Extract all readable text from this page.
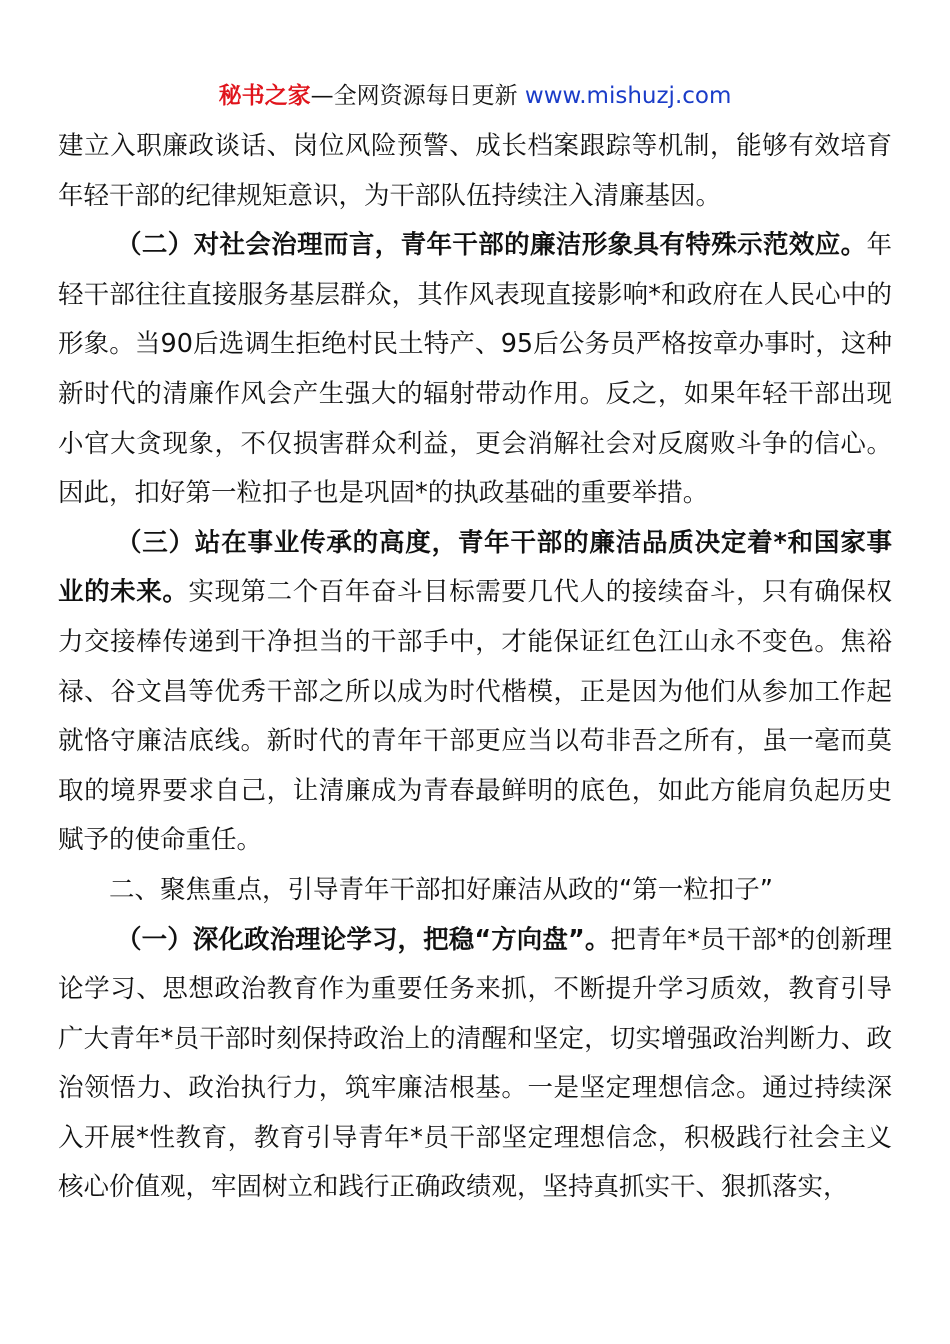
秘书之家—全网资源每日更新 www.mishuzj.com

建立入职廉政谈话、岗位风险预警、成长档案跟踪等机制，能够有效培育年轻干部的纪律规矩意识，为干部队伍持续注入清廉基因。

（二）对社会治理而言，青年干部的廉洁形象具有特殊示范效应。年轻干部往往直接服务基层群众，其作风表现直接影响*和政府在人民心中的形象。当90后选调生拒绝村民土特产、95后公务员严格按章办事时，这种新时代的清廉作风会产生强大的辐射带动作用。反之，如果年轻干部出现小官大贪现象，不仅损害群众利益，更会消解社会对反腐败斗争的信心。因此，扣好第一粒扣子也是巩固*的执政基础的重要举措。

（三）站在事业传承的高度，青年干部的廉洁品质决定着*和国家事业的未来。实现第二个百年奋斗目标需要几代人的接续奋斗，只有确保权力交接棒传递到干净担当的干部手中，才能保证红色江山永不变色。焦裕禄、谷文昌等优秀干部之所以成为时代楷模，正是因为他们从参加工作起就恪守廉洁底线。新时代的青年干部更应当以苟非吾之所有，虽一毫而莫取的境界要求自己，让清廉成为青春最鲜明的底色，如此方能肩负起历史赋予的使命重任。

二、聚焦重点，引导青年干部扣好廉洁从政的“第一粒扣子”

（一）深化政治理论学习，把稳“方向盘”。把青年*员干部*的创新理论学习、思想政治教育作为重要任务来抓，不断提升学习质效，教育引导广大青年*员干部时刻保持政治上的清醒和坚定，切实增强政治判断力、政治领悟力、政治执行力，筑牢廉洁根基。一是坚定理想信念。通过持续深入开展*性教育，教育引导青年*员干部坚定理想信念，积极践行社会主义核心价值观，牢固树立和践行正确政绩观，坚持真抓实干、狠抓落实，
